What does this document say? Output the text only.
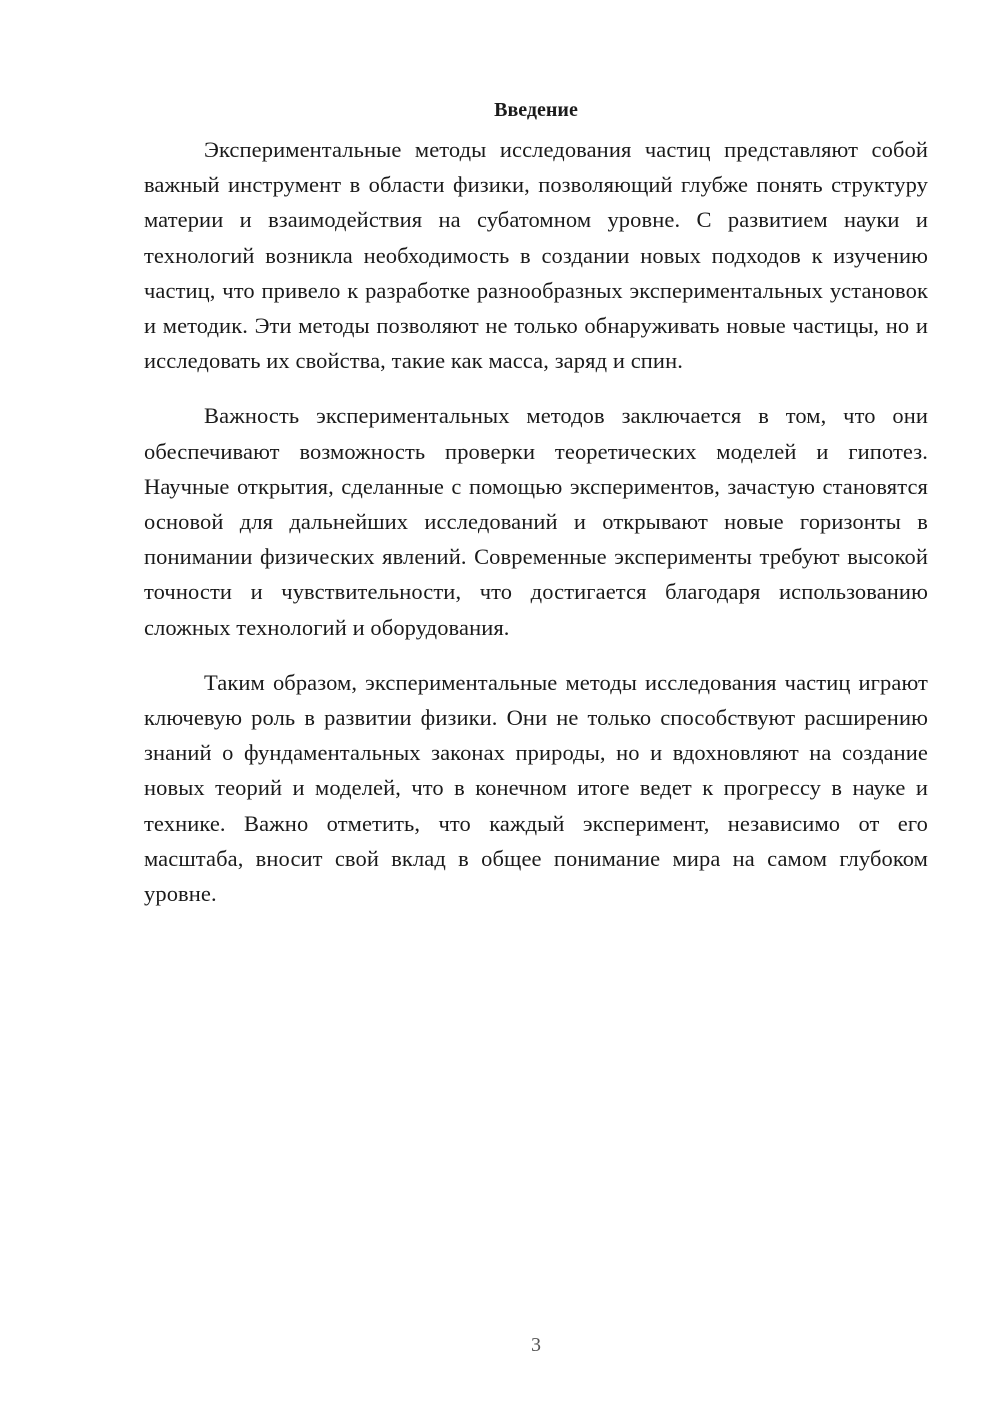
Введение

Экспериментальные методы исследования частиц представляют собой важный инструмент в области физики, позволяющий глубже понять структуру материи и взаимодействия на субатомном уровне. С развитием науки и технологий возникла необходимость в создании новых подходов к изучению частиц, что привело к разработке разнообразных экспериментальных установок и методик. Эти методы позволяют не только обнаруживать новые частицы, но и исследовать их свойства, такие как масса, заряд и спин.

Важность экспериментальных методов заключается в том, что они обеспечивают возможность проверки теоретических моделей и гипотез. Научные открытия, сделанные с помощью экспериментов, зачастую становятся основой для дальнейших исследований и открывают новые горизонты в понимании физических явлений. Современные эксперименты требуют высокой точности и чувствительности, что достигается благодаря использованию сложных технологий и оборудования.

Таким образом, экспериментальные методы исследования частиц играют ключевую роль в развитии физики. Они не только способствуют расширению знаний о фундаментальных законах природы, но и вдохновляют на создание новых теорий и моделей, что в конечном итоге ведет к прогрессу в науке и технике. Важно отметить, что каждый эксперимент, независимо от его масштаба, вносит свой вклад в общее понимание мира на самом глубоком уровне.

3
